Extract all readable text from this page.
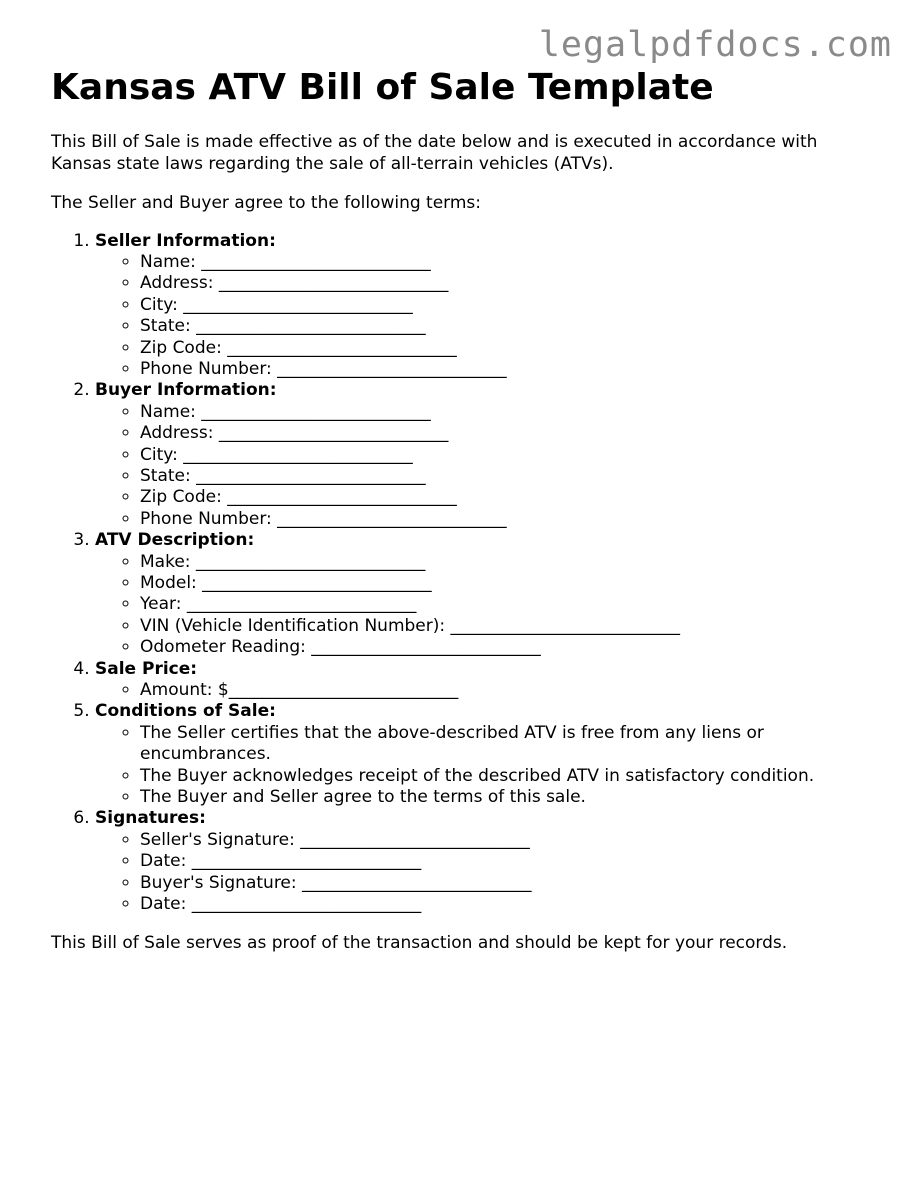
legalpdfdocs.com
Kansas ATV Bill of Sale Template

This Bill of Sale is made effective as of the date below and is executed in accordance with Kansas state laws regarding the sale of all-terrain vehicles (ATVs).

The Seller and Buyer agree to the following terms:

1. Seller Information:
◦ Name: ___________________________
◦ Address: ___________________________
◦ City: ___________________________
◦ State: ___________________________
◦ Zip Code: ___________________________
◦ Phone Number: ___________________________
2. Buyer Information:
◦ Name: ___________________________
◦ Address: ___________________________
◦ City: ___________________________
◦ State: ___________________________
◦ Zip Code: ___________________________
◦ Phone Number: ___________________________
3. ATV Description:
◦ Make: ___________________________
◦ Model: ___________________________
◦ Year: ___________________________
◦ VIN (Vehicle Identification Number): ___________________________
◦ Odometer Reading: ___________________________
4. Sale Price:
◦ Amount: $___________________________
5. Conditions of Sale:
◦ The Seller certifies that the above-described ATV is free from any liens or encumbrances.
◦ The Buyer acknowledges receipt of the described ATV in satisfactory condition.
◦ The Buyer and Seller agree to the terms of this sale.
6. Signatures:
◦ Seller's Signature: ___________________________
◦ Date: ___________________________
◦ Buyer's Signature: ___________________________
◦ Date: ___________________________

This Bill of Sale serves as proof of the transaction and should be kept for your records.
